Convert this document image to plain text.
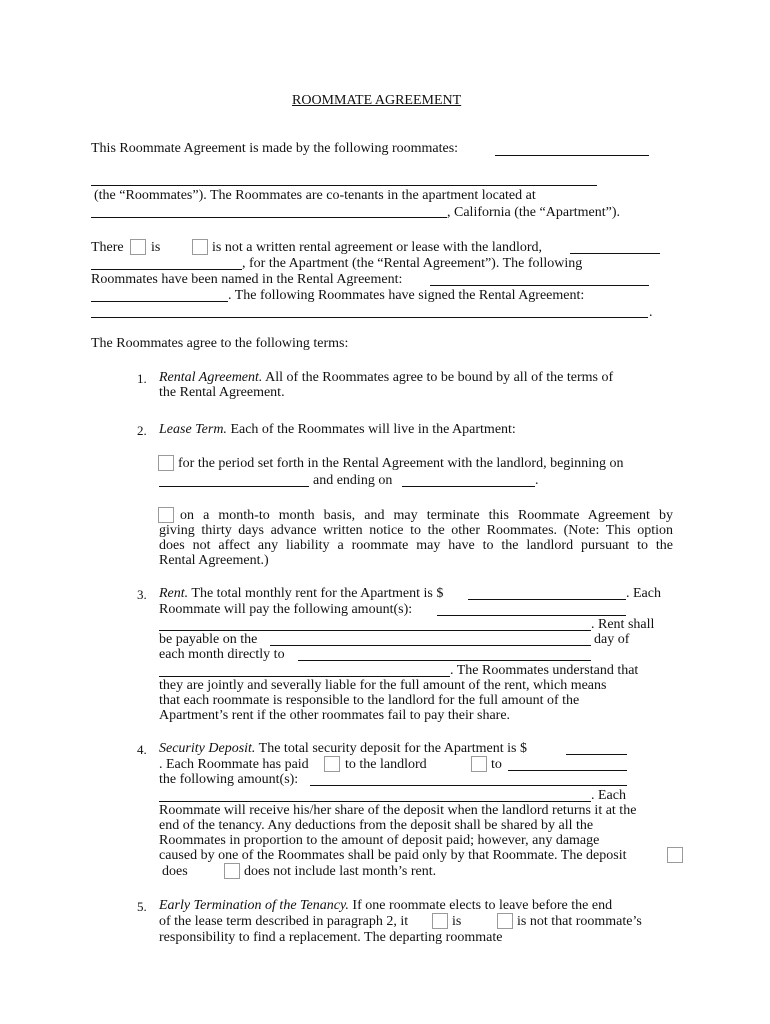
ROOMMATE AGREEMENT
This Roommate Agreement is made by the following roommates:
(the “Roommates”). The Roommates are co-tenants in the apartment located at
, California (the “Apartment”).
There is	is not a written rental agreement or lease with the landlord,
, for the Apartment (the “Rental Agreement”). The following
Roommates have been named in the Rental Agreement:
. The following Roommates have signed the Rental Agreement:
.
The Roommates agree to the following terms:
1. Rental Agreement. All of the Roommates agree to be bound by all of the terms of
the Rental Agreement.
2. Lease Term. Each of the Roommates will live in the Apartment:
for the period set forth in the Rental Agreement with the landlord, beginning on
and ending on	.
on a month-to month basis, and may terminate this Roommate Agreement by
giving thirty days advance written notice to the other Roommates. (Note: This option
does not affect any liability a roommate may have to the landlord pursuant to the
Rental Agreement.)
3. Rent. The total monthly rent for the Apartment is $	. Each
Roommate will pay the following amount(s):
. Rent shall
be payable on the	day of
each month directly to
. The Roommates understand that
they are jointly and severally liable for the full amount of the rent, which means
that each roommate is responsible to the landlord for the full amount of the
Apartment’s rent if the other roommates fail to pay their share.
4. Security Deposit. The total security deposit for the Apartment is $
. Each Roommate has paid	to the landlord	to
the following amount(s):
. Each
Roommate will receive his/her share of the deposit when the landlord returns it at the
end of the tenancy. Any deductions from the deposit shall be shared by all the
Roommates in proportion to the amount of deposit paid; however, any damage
caused by one of the Roommates shall be paid only by that Roommate. The deposit
does	does not include last month’s rent.
5. Early Termination of the Tenancy. If one roommate elects to leave before the end
of the lease term described in paragraph 2, it	is	is not that roommate’s
responsibility to find a replacement. The departing roommate
